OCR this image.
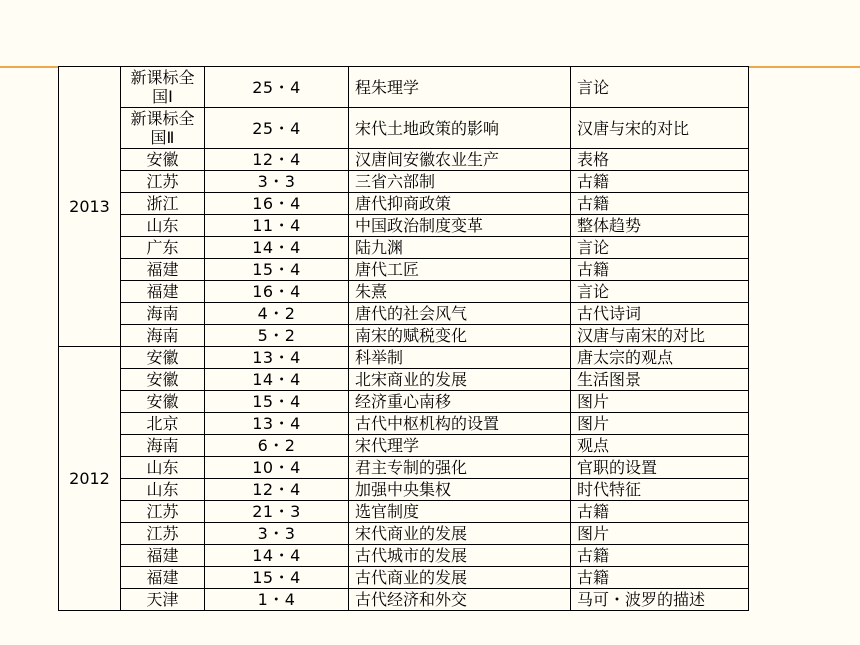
2013	新课标全国Ⅰ	25・4	程朱理学	言论
	新课标全国Ⅱ	25・4	宋代土地政策的影响	汉唐与宋的对比
	安徽	12・4	汉唐间安徽农业生产	表格
	江苏	3・3	三省六部制	古籍
	浙江	16・4	唐代抑商政策	古籍
	山东	11・4	中国政治制度变革	整体趋势
	广东	14・4	陆九渊	言论
	福建	15・4	唐代工匠	古籍
	福建	16・4	朱熹	言论
	海南	4・2	唐代的社会风气	古代诗词
	海南	5・2	南宋的赋税变化	汉唐与南宋的对比
2012	安徽	13・4	科举制	唐太宗的观点
	安徽	14・4	北宋商业的发展	生活图景
	安徽	15・4	经济重心南移	图片
	北京	13・4	古代中枢机构的设置	图片
	海南	6・2	宋代理学	观点
	山东	10・4	君主专制的强化	官职的设置
	山东	12・4	加强中央集权	时代特征
	江苏	21・3	选官制度	古籍
	江苏	3・3	宋代商业的发展	图片
	福建	14・4	古代城市的发展	古籍
	福建	15・4	古代商业的发展	古籍
	天津	1・4	古代经济和外交	马可・波罗的描述
